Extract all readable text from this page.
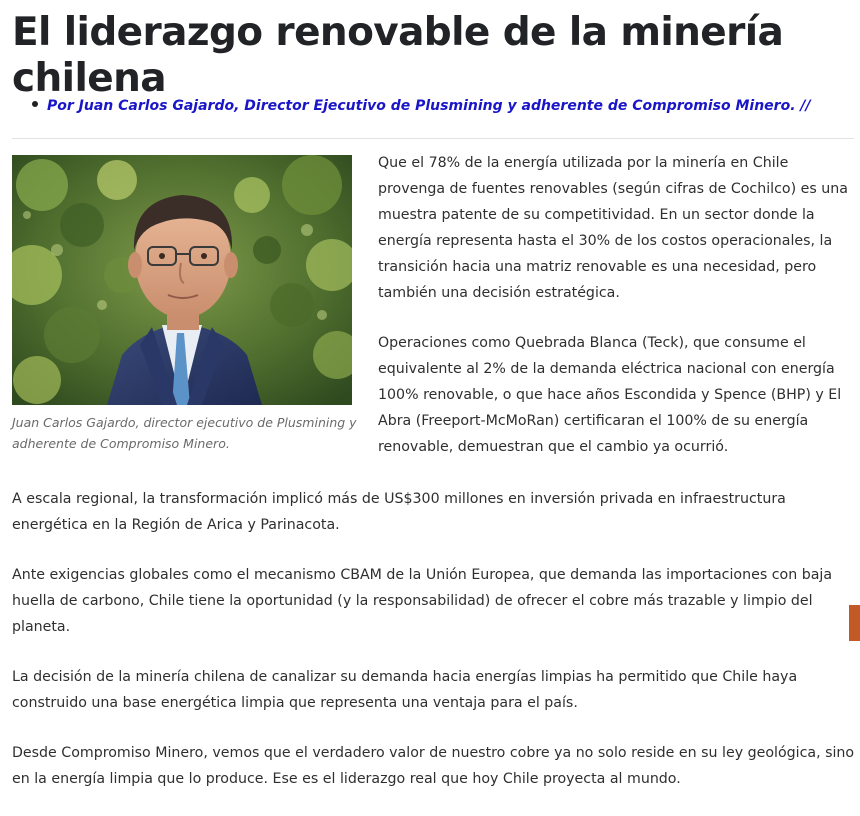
El liderazgo renovable de la minería chilena
Por Juan Carlos Gajardo, Director Ejecutivo de Plusmining y adherente de Compromiso Minero. //
Juan Carlos Gajardo, director ejecutivo de Plusmining y adherente de Compromiso Minero.

Que el 78% de la energía utilizada por la minería en Chile provenga de fuentes renovables (según cifras de Cochilco) es una muestra patente de su competitividad. En un sector donde la energía representa hasta el 30% de los costos operacionales, la transición hacia una matriz renovable es una necesidad, pero también una decisión estratégica.

Operaciones como Quebrada Blanca (Teck), que consume el equivalente al 2% de la demanda eléctrica nacional con energía 100% renovable, o que hace años Escondida y Spence (BHP) y El Abra (Freeport-McMoRan) certificaran el 100% de su energía renovable, demuestran que el cambio ya ocurrió.

A escala regional, la transformación implicó más de US$300 millones en inversión privada en infraestructura energética en la Región de Arica y Parinacota.

Ante exigencias globales como el mecanismo CBAM de la Unión Europea, que demanda las importaciones con baja huella de carbono, Chile tiene la oportunidad (y la responsabilidad) de ofrecer el cobre más trazable y limpio del planeta.

La decisión de la minería chilena de canalizar su demanda hacia energías limpias ha permitido que Chile haya construido una base energética limpia que representa una ventaja para el país.

Desde Compromiso Minero, vemos que el verdadero valor de nuestro cobre ya no solo reside en su ley geológica, sino en la energía limpia que lo produce. Ese es el liderazgo real que hoy Chile proyecta al mundo.
